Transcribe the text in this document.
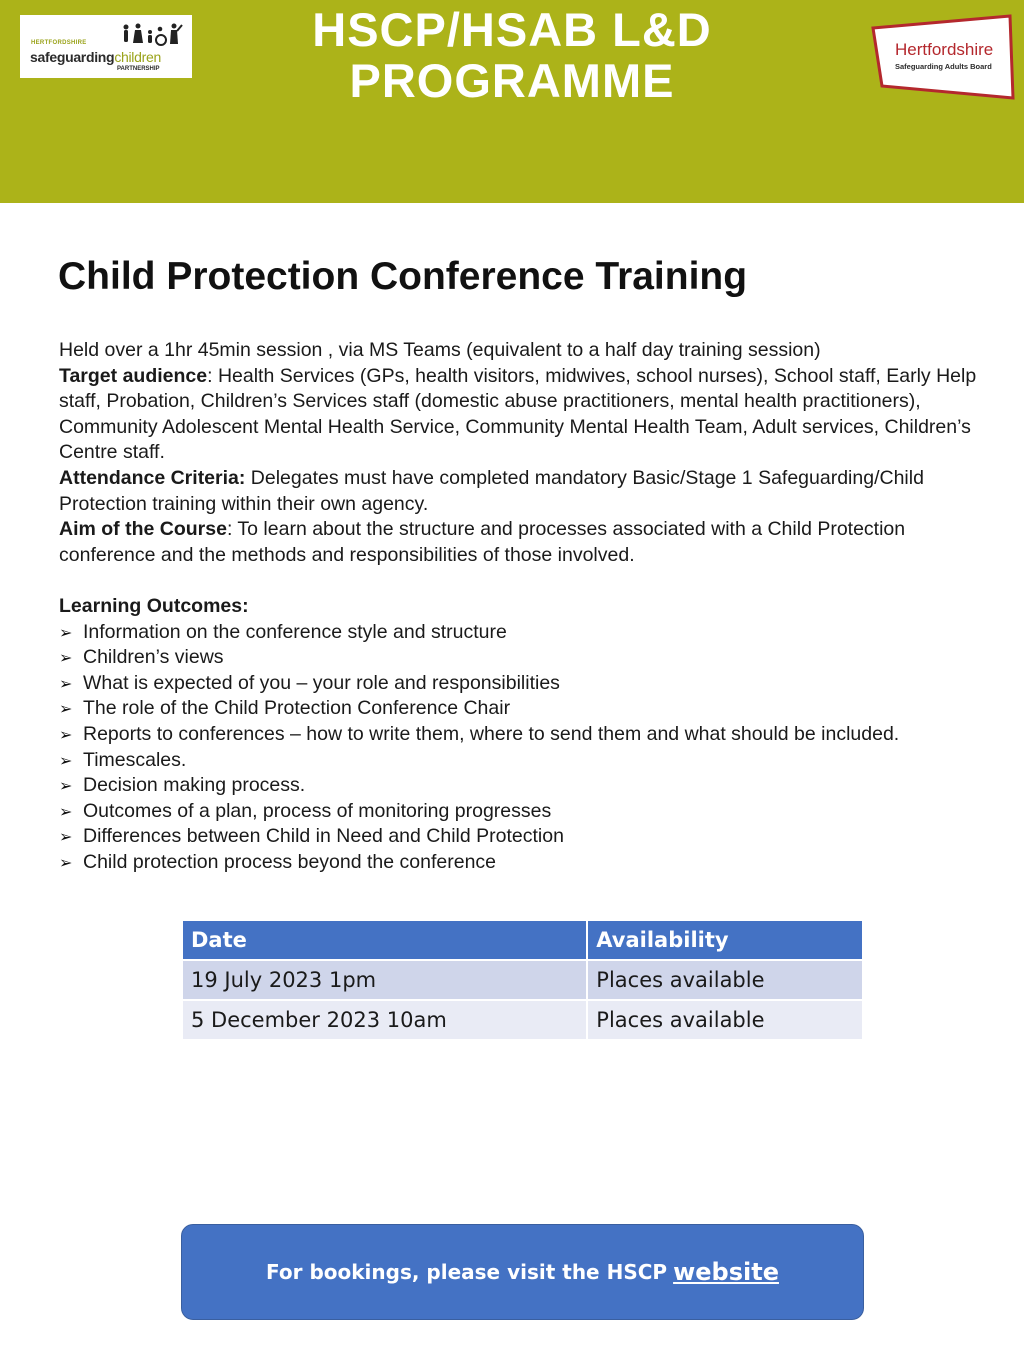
HERTFORDSHIRE
safeguardingchildren
PARTNERSHIP
HSCP/HSAB L&D
PROGRAMME
Hertfordshire
Safeguarding Adults Board
Child Protection Conference Training

Held over a 1hr 45min session , via MS Teams (equivalent to a half day training session)

Target audience: Health Services (GPs, health visitors, midwives, school nurses), School staff, Early Help staff, Probation, Children’s Services staff (domestic abuse practitioners, mental health practitioners), Community Adolescent Mental Health Service, Community Mental Health Team, Adult services, Children’s Centre staff.

Attendance Criteria: Delegates must have completed mandatory Basic/Stage 1 Safeguarding/Child Protection training within their own agency.

Aim of the Course: To learn about the structure and processes associated with a Child Protection conference and the methods and responsibilities of those involved.

Learning Outcomes:

➢ Information on the conference style and structure
➢ Children’s views
➢ What is expected of you – your role and responsibilities
➢ The role of the Child Protection Conference Chair
➢ Reports to conferences – how to write them, where to send them and what should be included.
➢ Timescales.
➢ Decision making process.
➢ Outcomes of a plan, process of monitoring progresses
➢ Differences between Child in Need and Child Protection
➢ Child protection process beyond the conference
Date	Availability
19 July 2023 1pm	Places available
5 December 2023 10am	Places available
For bookings, please visit the HSCP website
